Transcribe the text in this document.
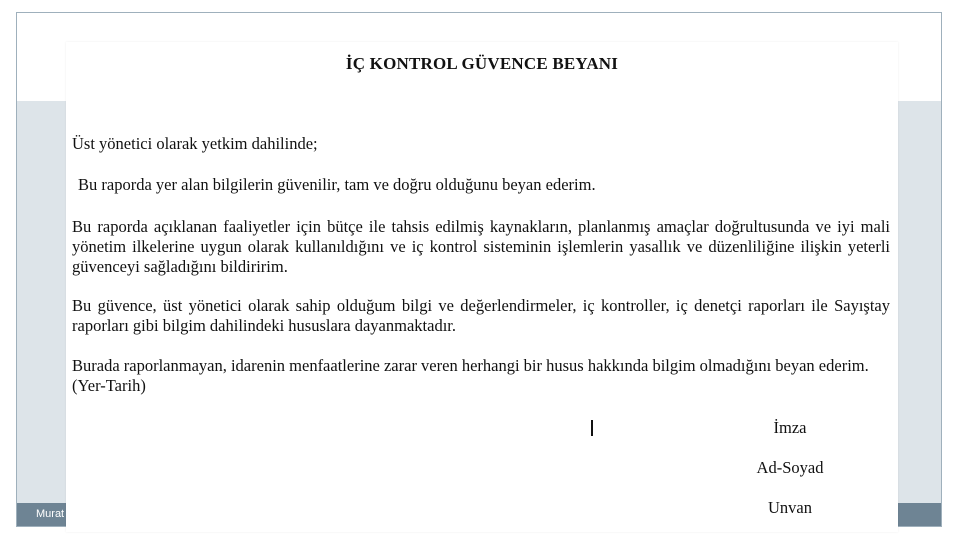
İÇ KONTROL GÜVENCE BEYANI
Üst yönetici olarak yetkim dahilinde;
Bu raporda yer alan bilgilerin güvenilir, tam ve doğru olduğunu beyan ederim.
Bu raporda açıklanan faaliyetler için bütçe ile tahsis edilmiş kaynakların, planlanmış amaçlar doğrultusunda ve iyi mali yönetim ilkelerine uygun olarak kullanıldığını ve iç kontrol sisteminin işlemlerin yasallık ve düzenliliğine ilişkin yeterli güvenceyi sağladığını bildiririm.
Bu güvence, üst yönetici olarak sahip olduğum bilgi ve değerlendirmeler, iç kontroller, iç denetçi raporları ile Sayıştay raporları gibi bilgim dahilindeki hususlara dayanmaktadır.
Burada raporlanmayan, idarenin menfaatlerine zarar veren herhangi bir husus hakkında bilgim olmadığını beyan ederim. (Yer-Tarih)
İmza
Ad-Soyad
Unvan
Murat KARAKURŞ (SGDB)
